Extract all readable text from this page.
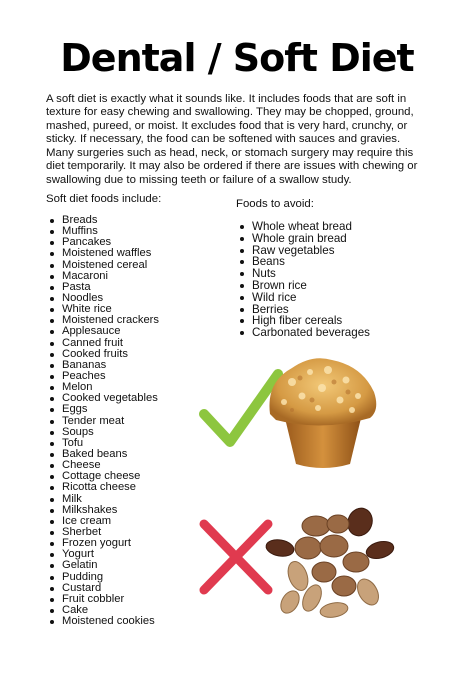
Dental / Soft Diet

A soft diet is exactly what it sounds like. It includes foods that are soft in texture for easy chewing and swallowing. They may be chopped, ground, mashed, pureed, or moist. It excludes food that is very hard, crunchy, or sticky. If necessary, the food can be softened with sauces and gravies.

Many surgeries such as head, neck, or stomach surgery may require this diet temporarily. It may also be ordered if there are issues with chewing or swallowing due to missing teeth or failure of a swallow study.

Soft diet foods include:

Breads
Muffins
Pancakes
Moistened waffles
Moistened cereal
Macaroni
Pasta
Noodles
White rice
Moistened crackers
Applesauce
Canned fruit
Cooked fruits
Bananas
Peaches
Melon
Cooked vegetables
Eggs
Tender meat
Soups
Tofu
Baked beans
Cheese
Cottage cheese
Ricotta cheese
Milk
Milkshakes
Ice cream
Sherbet
Frozen yogurt
Yogurt
Gelatin
Pudding
Custard
Fruit cobbler
Cake
Moistened cookies

Foods to avoid:

Whole wheat bread
Whole grain bread
Raw vegetables
Beans
Nuts
Brown rice
Wild rice
Berries
High fiber cereals
Carbonated beverages
